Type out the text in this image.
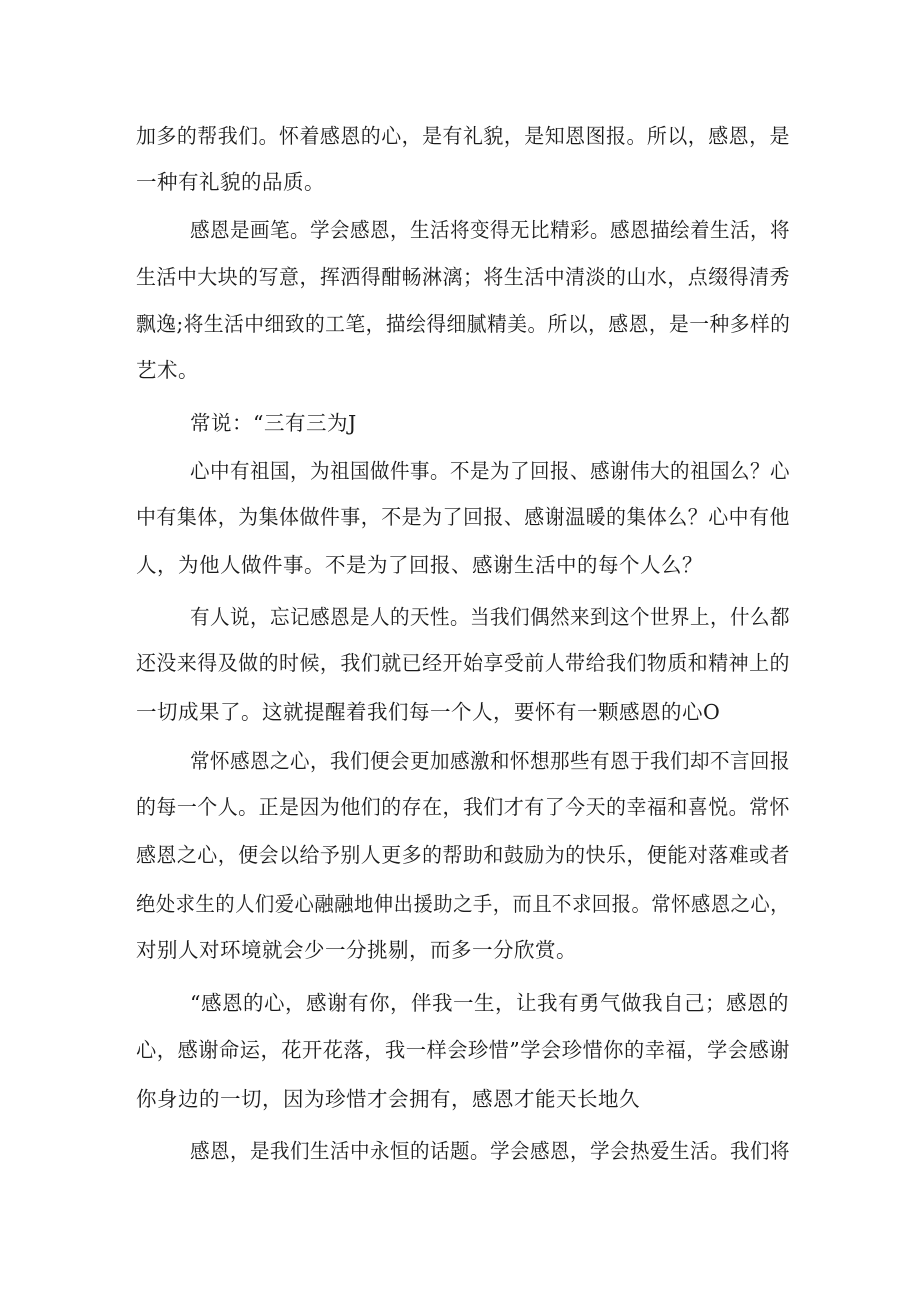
加多的帮我们。怀着感恩的心，是有礼貌，是知恩图报。所以，感恩，是
一种有礼貌的品质。
感恩是画笔。学会感恩，生活将变得无比精彩。感恩描绘着生活，将
生活中大块的写意，挥洒得酣畅淋漓；将生活中清淡的山水，点缀得清秀
飘逸;将生活中细致的工笔，描绘得细腻精美。所以，感恩，是一种多样的
艺术。
常说：“三有三为J
心中有祖国，为祖国做件事。不是为了回报、感谢伟大的祖国么？心
中有集体，为集体做件事，不是为了回报、感谢温暖的集体么？心中有他
人，为他人做件事。不是为了回报、感谢生活中的每个人么？
有人说，忘记感恩是人的天性。当我们偶然来到这个世界上，什么都
还没来得及做的时候，我们就已经开始享受前人带给我们物质和精神上的
一切成果了。这就提醒着我们每一个人，要怀有一颗感恩的心O
常怀感恩之心，我们便会更加感激和怀想那些有恩于我们却不言回报
的每一个人。正是因为他们的存在，我们才有了今天的幸福和喜悦。常怀
感恩之心，便会以给予别人更多的帮助和鼓励为的快乐，便能对落难或者
绝处求生的人们爱心融融地伸出援助之手，而且不求回报。常怀感恩之心，
对别人对环境就会少一分挑剔，而多一分欣赏。
“感恩的心，感谢有你，伴我一生，让我有勇气做我自己；感恩的
心，感谢命运，花开花落，我一样会珍惜”学会珍惜你的幸福，学会感谢
你身边的一切，因为珍惜才会拥有，感恩才能天长地久
感恩，是我们生活中永恒的话题。学会感恩，学会热爱生活。我们将
